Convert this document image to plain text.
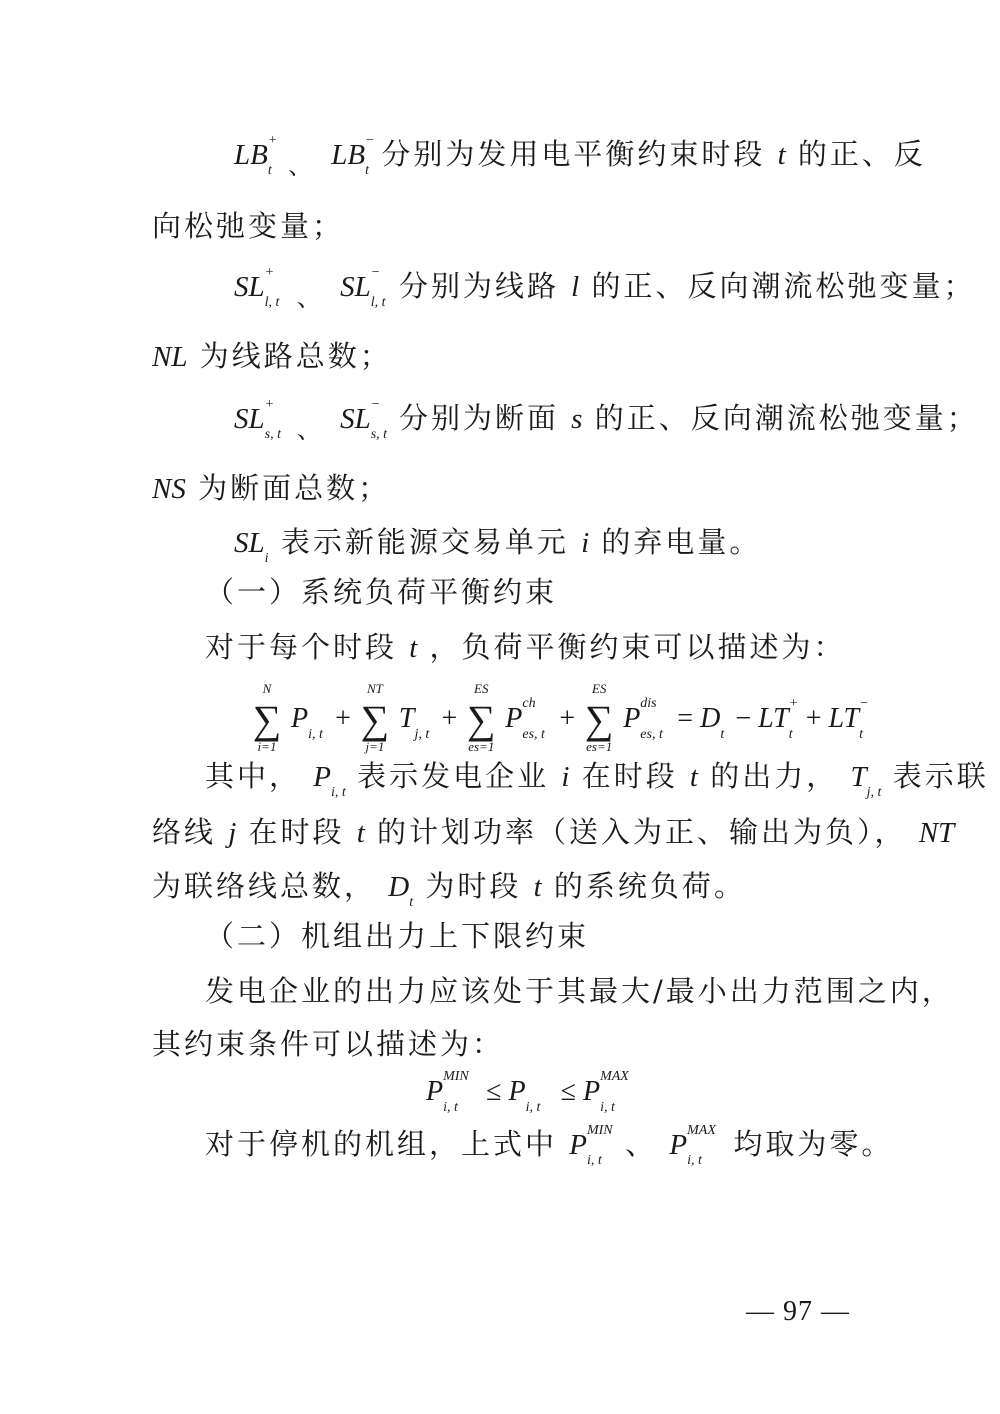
LB +
t $_、$ LB −
t 分别为发用电平衡约束时段 t 的正、反
向松弛变量；
SL +
l, t $_、$ SL −
l, t 分别为线路 l 的正、反向潮流松弛变量；
NL 为线路总数；
SL +
s, t $_、$ SL −
s, t 分别为断面 s 的正、反向潮流松弛变量；
NS 为断面总数；
SL i 表示新能源交易单元 i 的弃电量。
（一）系统负荷平衡约束
对于每个时段 t ，负荷平衡约束可以描述为：
N
∑
i=1
P
i, t
+
NT
∑
j=1
T
j, t
+
ES
∑
es=1
P ch
es, t
+
ES
∑
es=1
P dis
es, t
= D
t
− LT +
t
+ LT −
t
其中， P i, t 表示发电企业 i 在时段 t 的出力， T j, t 表示联
络线 j 在时段 t 的计划功率（送入为正、输出为负）， NT
为联络线总数， D t 为时段 t 的系统负荷。
（二）机组出力上下限约束
发电企业的出力应该处于其最大/最小出力范围之内，
其约束条件可以描述为：
P MIN
i, t
≤ P
i, t
≤ P MAX
i, t
对于停机的机组，上式中 P MIN
i, t 、 P MAX
i, t 均取为零。
— 97 —
